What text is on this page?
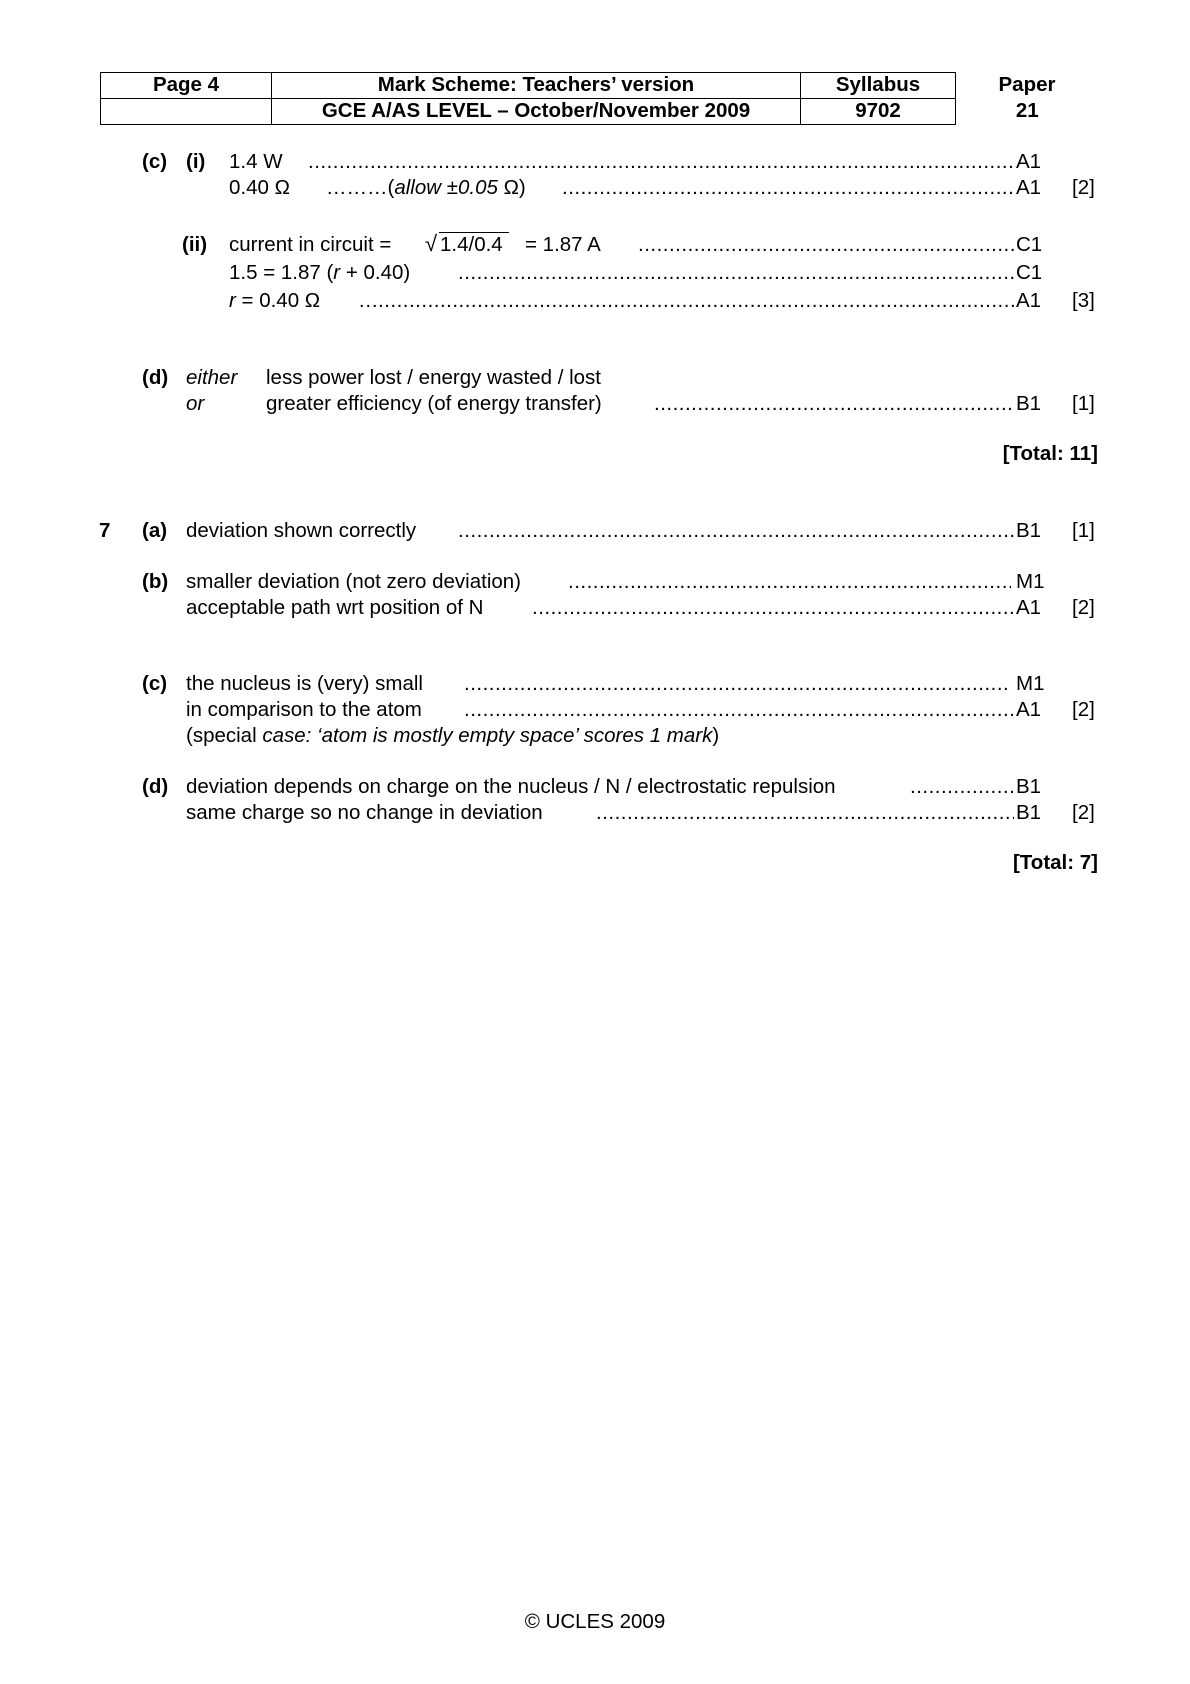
Page 4	Mark Scheme: Teachers’ version	Syllabus	Paper
	GCE A/AS LEVEL – October/November 2009	9702	21
(c) (i) 1.4 W .....	A1
0.40 Ω ………(allow ±0.05 Ω) .....	A1 [2]
(ii) current in circuit = √ 1.4/0.4 = 1.87 A .....	C1
1.5 = 1.87 (r + 0.40) .....	C1
r = 0.40 Ω … .....	A1 [3]
(d) either less power lost / energy wasted / lost
or	greater efficiency (of energy transfer) .....	B1 [1]
[Total: 11]
7 (a) deviation shown correctly .....	B1 [1]
(b) smaller deviation (not zero deviation) .....	M1
acceptable path wrt position of N .....	A1 [2]
(c) the nucleus is (very) small .....	M1
in comparison to the atom .....	A1 [2]
(special case: ‘atom is mostly empty space’ scores 1 mark)
(d) deviation depends on charge on the nucleus / N / electrostatic repulsion .....	B1
same charge so no change in deviation .....	B1 [2]
[Total: 7]
© UCLES 2009
